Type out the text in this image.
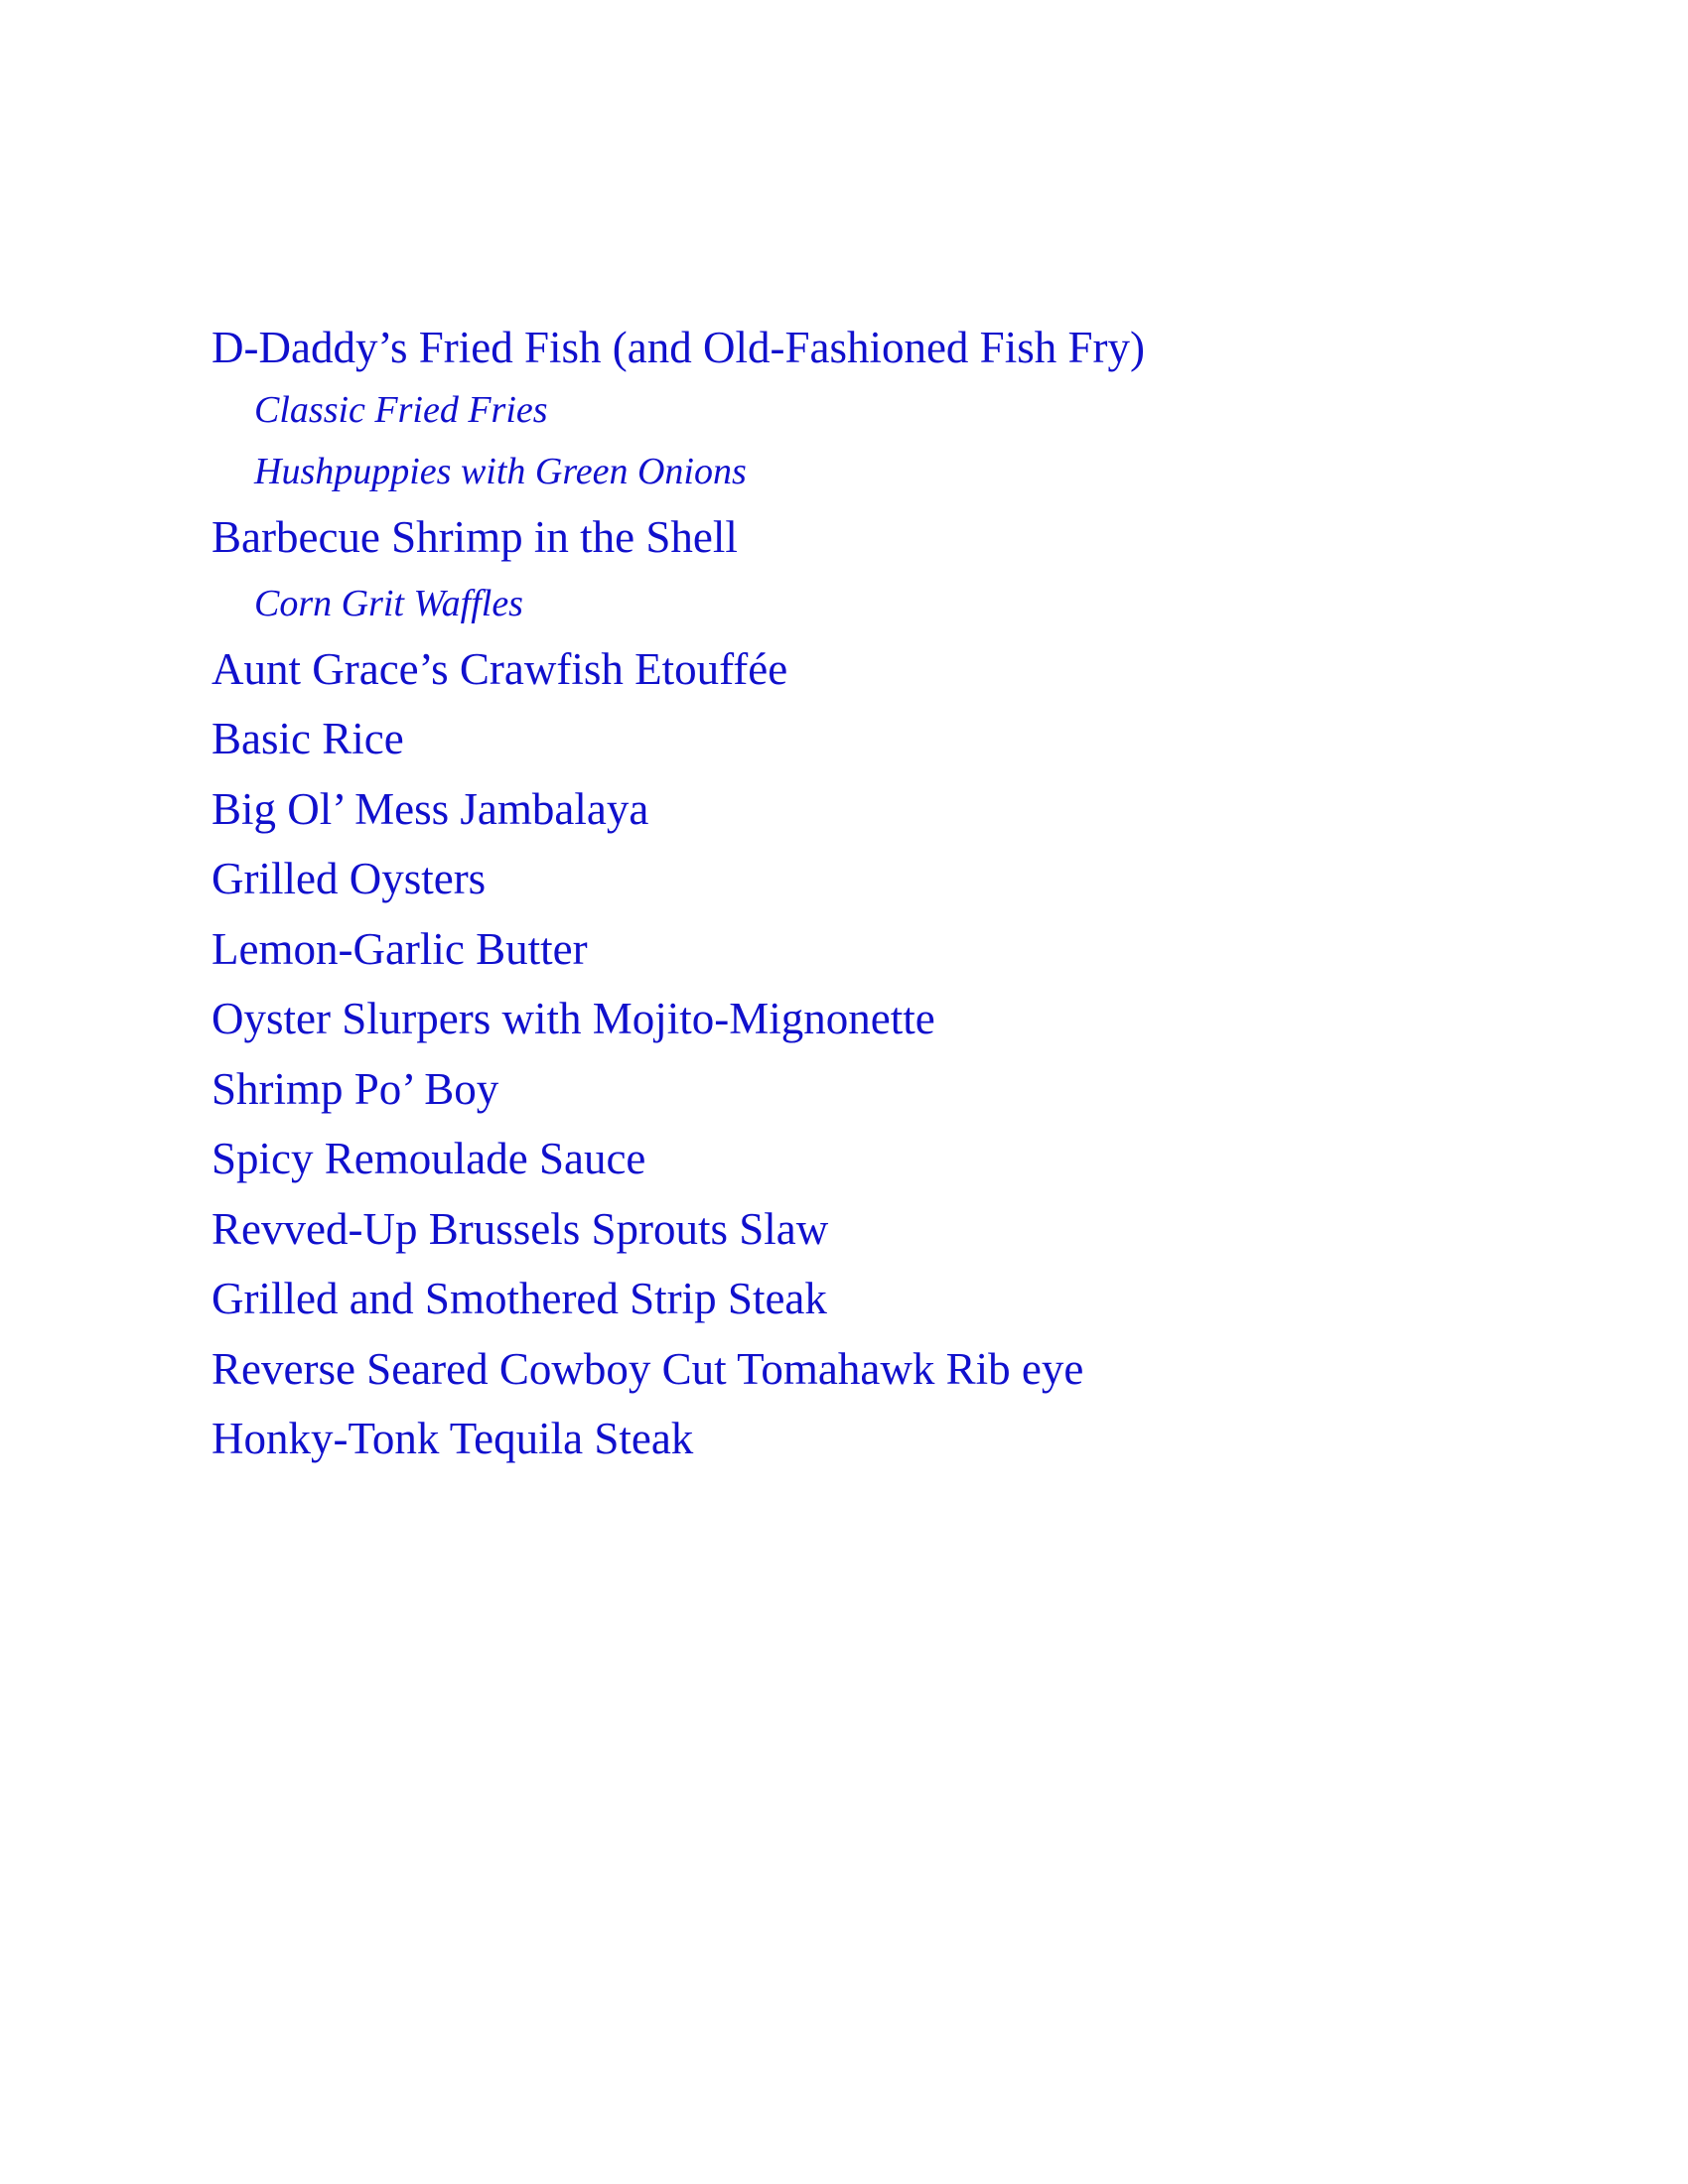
D-Daddy’s Fried Fish (and Old-Fashioned Fish Fry)
Classic Fried Fries
Hushpuppies with Green Onions
Barbecue Shrimp in the Shell
Corn Grit Waffles
Aunt Grace’s Crawfish Etouffée
Basic Rice
Big Ol’ Mess Jambalaya
Grilled Oysters
Lemon-Garlic Butter
Oyster Slurpers with Mojito-Mignonette
Shrimp Po’ Boy
Spicy Remoulade Sauce
Revved-Up Brussels Sprouts Slaw
Grilled and Smothered Strip Steak
Reverse Seared Cowboy Cut Tomahawk Rib eye
Honky-Tonk Tequila Steak
